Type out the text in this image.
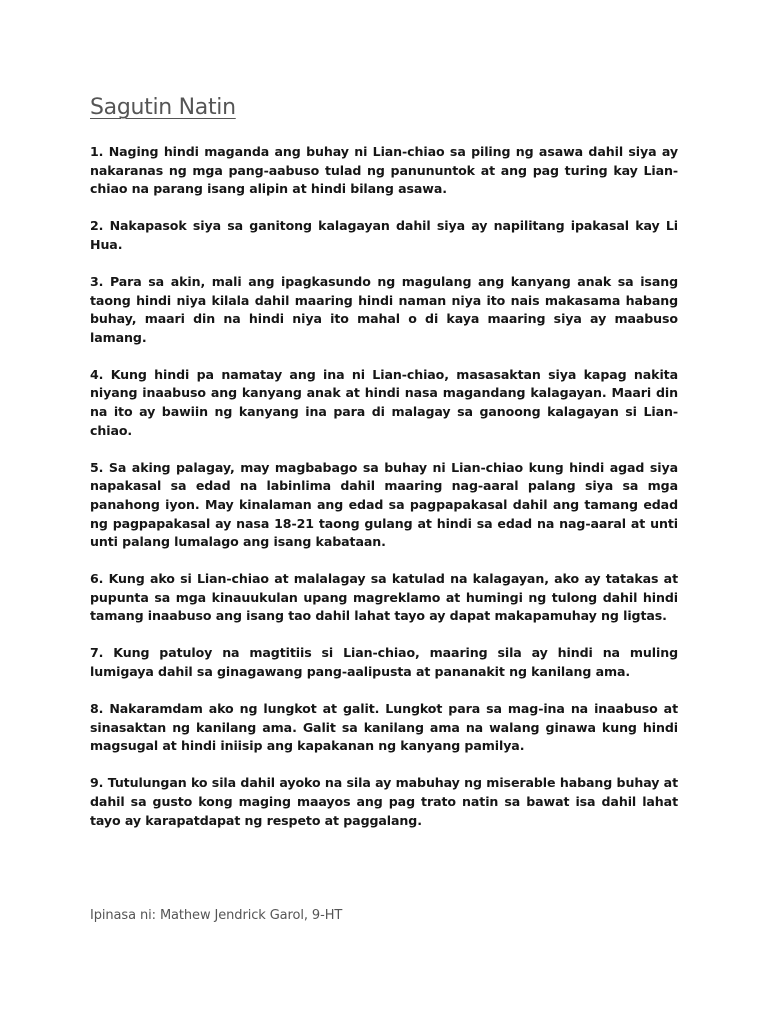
Sagutin Natin
1. Naging hindi maganda ang buhay ni Lian-chiao sa piling ng asawa dahil siya ay nakaranas ng mga pang-aabuso tulad ng panununtok at ang pag turing kay Lian-chiao na parang isang alipin at hindi bilang asawa.
2. Nakapasok siya sa ganitong kalagayan dahil siya ay napilitang ipakasal kay Li Hua.
3. Para sa akin, mali ang ipagkasundo ng magulang ang kanyang anak sa isang taong hindi niya kilala dahil maaring hindi naman niya ito nais makasama habang buhay, maari din na hindi niya ito mahal o di kaya maaring siya ay maabuso lamang.
4. Kung hindi pa namatay ang ina ni Lian-chiao, masasaktan siya kapag nakita niyang inaabuso ang kanyang anak at hindi nasa magandang kalagayan. Maari din na ito ay bawiin ng kanyang ina para di malagay sa ganoong kalagayan si Lian-chiao.
5. Sa aking palagay, may magbabago sa buhay ni Lian-chiao kung hindi agad siya napakasal sa edad na labinlima dahil maaring nag-aaral palang siya sa mga panahong iyon. May kinalaman ang edad sa pagpapakasal dahil ang tamang edad ng pagpapakasal ay nasa 18-21 taong gulang at hindi sa edad na nag-aaral at unti unti palang lumalago ang isang kabataan.
6. Kung ako si Lian-chiao at malalagay sa katulad na kalagayan, ako ay tatakas at pupunta sa mga kinauukulan upang magreklamo at humingi ng tulong dahil hindi tamang inaabuso ang isang tao dahil lahat tayo ay dapat makapamuhay ng ligtas.
7. Kung patuloy na magtitiis si Lian-chiao, maaring sila ay hindi na muling lumigaya dahil sa ginagawang pang-aalipusta at pananakit ng kanilang ama.
8. Nakaramdam ako ng lungkot at galit. Lungkot para sa mag-ina na inaabuso at sinasaktan ng kanilang ama. Galit sa kanilang ama na walang ginawa kung hindi magsugal at hindi iniisip ang kapakanan ng kanyang pamilya.
9. Tutulungan ko sila dahil ayoko na sila ay mabuhay ng miserable habang buhay at dahil sa gusto kong maging maayos ang pag trato natin sa bawat isa dahil lahat tayo ay karapatdapat ng respeto at paggalang.

Ipinasa ni: Mathew Jendrick Garol, 9-HT
